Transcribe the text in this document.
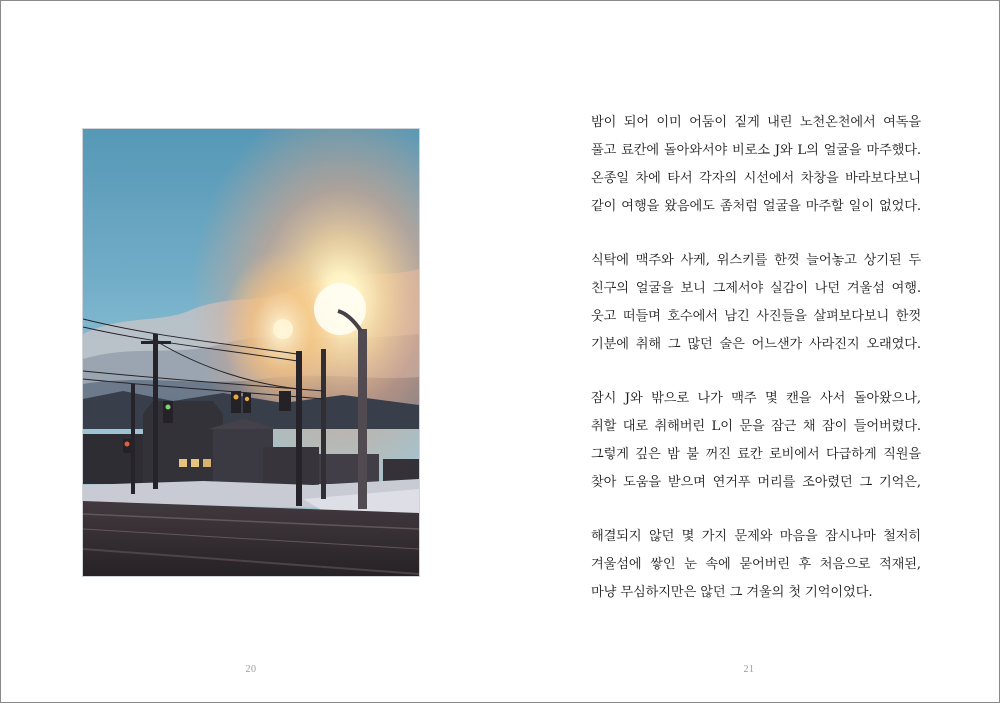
20
밤이 되어 이미 어둠이 짙게 내린 노천온천에서 여독을
풀고 료칸에 돌아와서야 비로소 J와 L의 얼굴을 마주했다.
온종일 차에 타서 각자의 시선에서 차창을 바라보다보니
같이 여행을 왔음에도 좀처럼 얼굴을 마주할 일이 없었다.
식탁에 맥주와 사케, 위스키를 한껏 늘어놓고 상기된 두
친구의 얼굴을 보니 그제서야 실감이 나던 겨울섬 여행.
웃고 떠들며 호수에서 남긴 사진들을 살펴보다보니 한껏
기분에 취해 그 많던 술은 어느샌가 사라진지 오래였다.
잠시 J와 밖으로 나가 맥주 몇 캔을 사서 돌아왔으나,
취할 대로 취해버린 L이 문을 잠근 채 잠이 들어버렸다.
그렇게 깊은 밤 불 꺼진 료칸 로비에서 다급하게 직원을
찾아 도움을 받으며 연거푸 머리를 조아렸던 그 기억은,
해결되지 않던 몇 가지 문제와 마음을 잠시나마 철저히
겨울섬에 쌓인 눈 속에 묻어버린 후 처음으로 적재된,
마냥 무심하지만은 않던 그 겨울의 첫 기억이었다.
21
